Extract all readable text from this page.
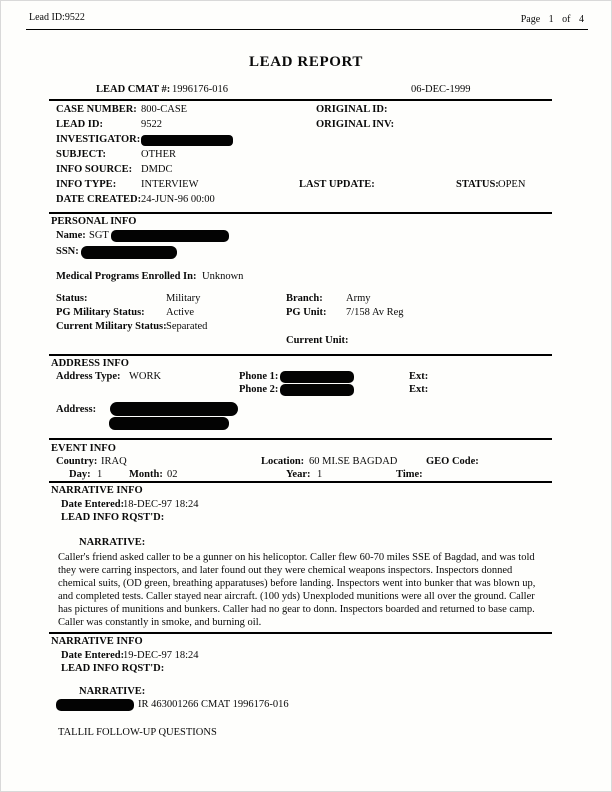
Lead ID:9522	Page 1 of 4
LEAD REPORT
LEAD CMAT #: 1996176-016	06-DEC-1999
CASE NUMBER: 800-CASE	ORIGINAL ID:
LEAD ID:	9522	ORIGINAL INV:
INVESTIGATOR:
SUBJECT:	OTHER
INFO SOURCE: DMDC
INFO TYPE: INTERVIEW	LAST UPDATE:	STATUS: OPEN
DATE CREATED: 24-JUN-96 00:00
PERSONAL INFO
Name: SGT
SSN:
Medical Programs Enrolled In: Unknown
Status:	Military	Branch: Army
PG Military Status: Active	PG Unit: 7/158 Av Reg
Current Military Status: Separated
Current Unit:
ADDRESS INFO
Address Type: WORK	Phone 1:	Ext:
Phone 2:	Ext:
Address:
EVENT INFO
Country: IRAQ	Location: 60 MI.SE BAGDAD	GEO Code:
Day: 1	Month: 02	Year: 1	Time:
NARRATIVE INFO
Date Entered:
18-DEC-97 18:24
LEAD INFO RQST'D:
NARRATIVE:
Caller's friend asked caller to be a gunner on his helicoptor. Caller flew 60-70 miles SSE of Bagdad, and was told they were carring inspectors, and later found out they were chemical weapons inspectors. Inspectors donned chemical suits, (OD green, breathing apparatuses) before landing. Inspectors went into bunker that was blown up, and completed tests. Caller stayed near aircraft. (100 yds) Unexploded munitions were all over the ground. Caller has pictures of munitions and bunkers. Caller had no gear to donn. Inspectors boarded and returned to base camp. Caller was constantly in smoke, and burning oil.
NARRATIVE INFO
Date Entered:
19-DEC-97 18:24
LEAD INFO RQST'D:
NARRATIVE:
IR 463001266 CMAT 1996176-016
TALLIL FOLLOW-UP QUESTIONS
